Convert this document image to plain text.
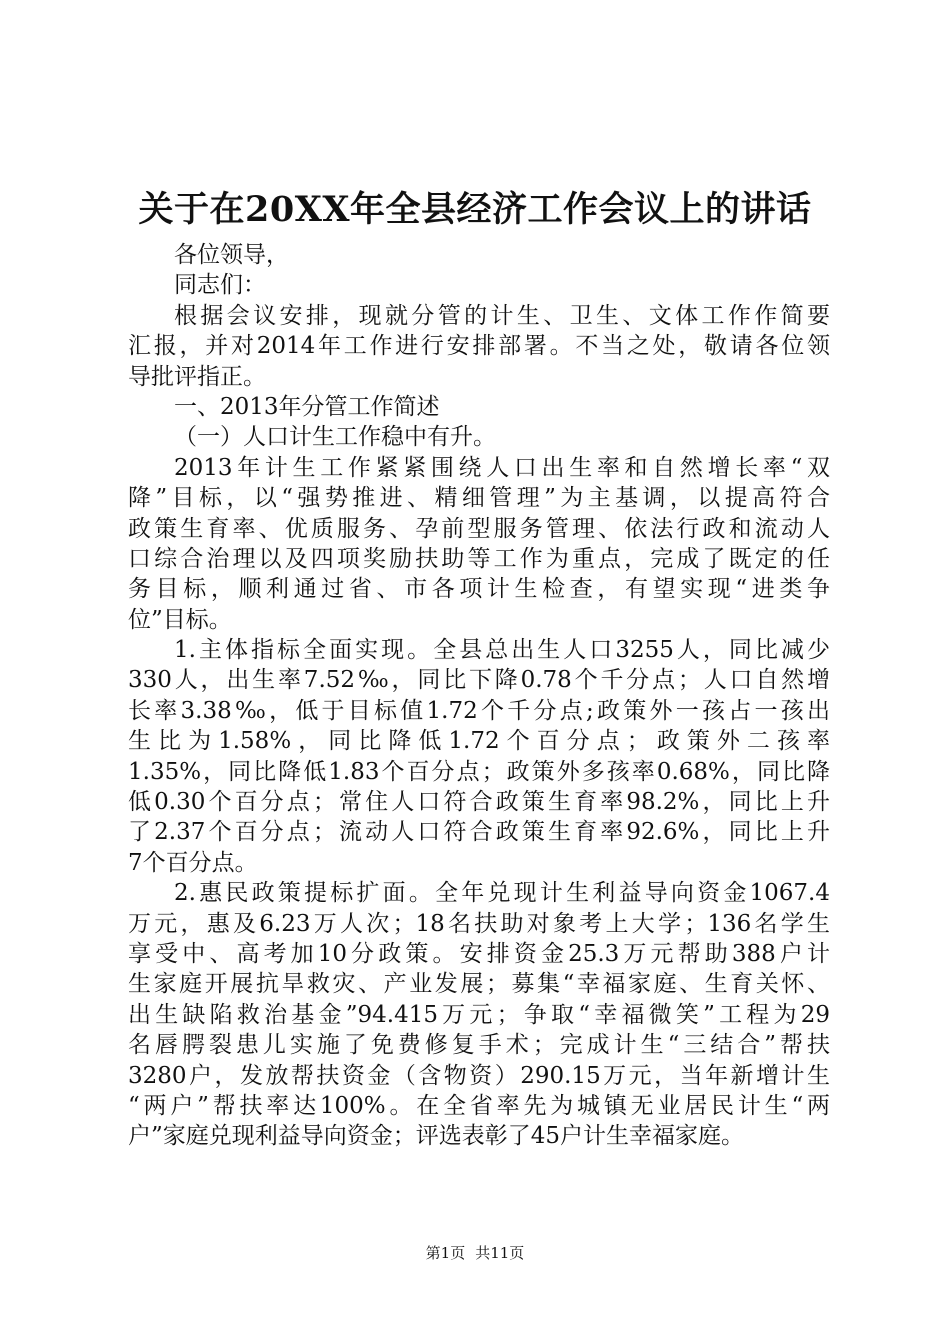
关于在20XX年全县经济工作会议上的讲话
各位领导，
同志们：
根据会议安排，现就分管的计生、卫生、文体工作作简要
汇报，并对2014年工作进行安排部署。不当之处，敬请各位领
导批评指正。
一、2013年分管工作简述
（一）人口计生工作稳中有升。
2013年计生工作紧紧围绕人口出生率和自然增长率“双
降”目标，以“强势推进、精细管理”为主基调，以提高符合
政策生育率、优质服务、孕前型服务管理、依法行政和流动人
口综合治理以及四项奖励扶助等工作为重点，完成了既定的任
务目标，顺利通过省、市各项计生检查，有望实现“进类争
位”目标。
1.主体指标全面实现。全县总出生人口3255人，同比减少
330人，出生率7.52‰，同比下降0.78个千分点；人口自然增
长率3.38‰，低于目标值1.72个千分点;政策外一孩占一孩出
生比为1.58%，同比降低1.72个百分点；政策外二孩率
1.35%，同比降低1.83个百分点；政策外多孩率0.68%，同比降
低0.30个百分点；常住人口符合政策生育率98.2%，同比上升
了2.37个百分点；流动人口符合政策生育率92.6%，同比上升
7个百分点。
2.惠民政策提标扩面。全年兑现计生利益导向资金1067.4
万元，惠及6.23万人次；18名扶助对象考上大学；136名学生
享受中、高考加10分政策。安排资金25.3万元帮助388户计
生家庭开展抗旱救灾、产业发展；募集“幸福家庭、生育关怀、
出生缺陷救治基金”94.415万元；争取“幸福微笑”工程为29
名唇腭裂患儿实施了免费修复手术；完成计生“三结合”帮扶
3280户，发放帮扶资金（含物资）290.15万元，当年新增计生
“两户”帮扶率达100%。在全省率先为城镇无业居民计生“两
户”家庭兑现利益导向资金；评选表彰了45户计生幸福家庭。
第1页 共11页
